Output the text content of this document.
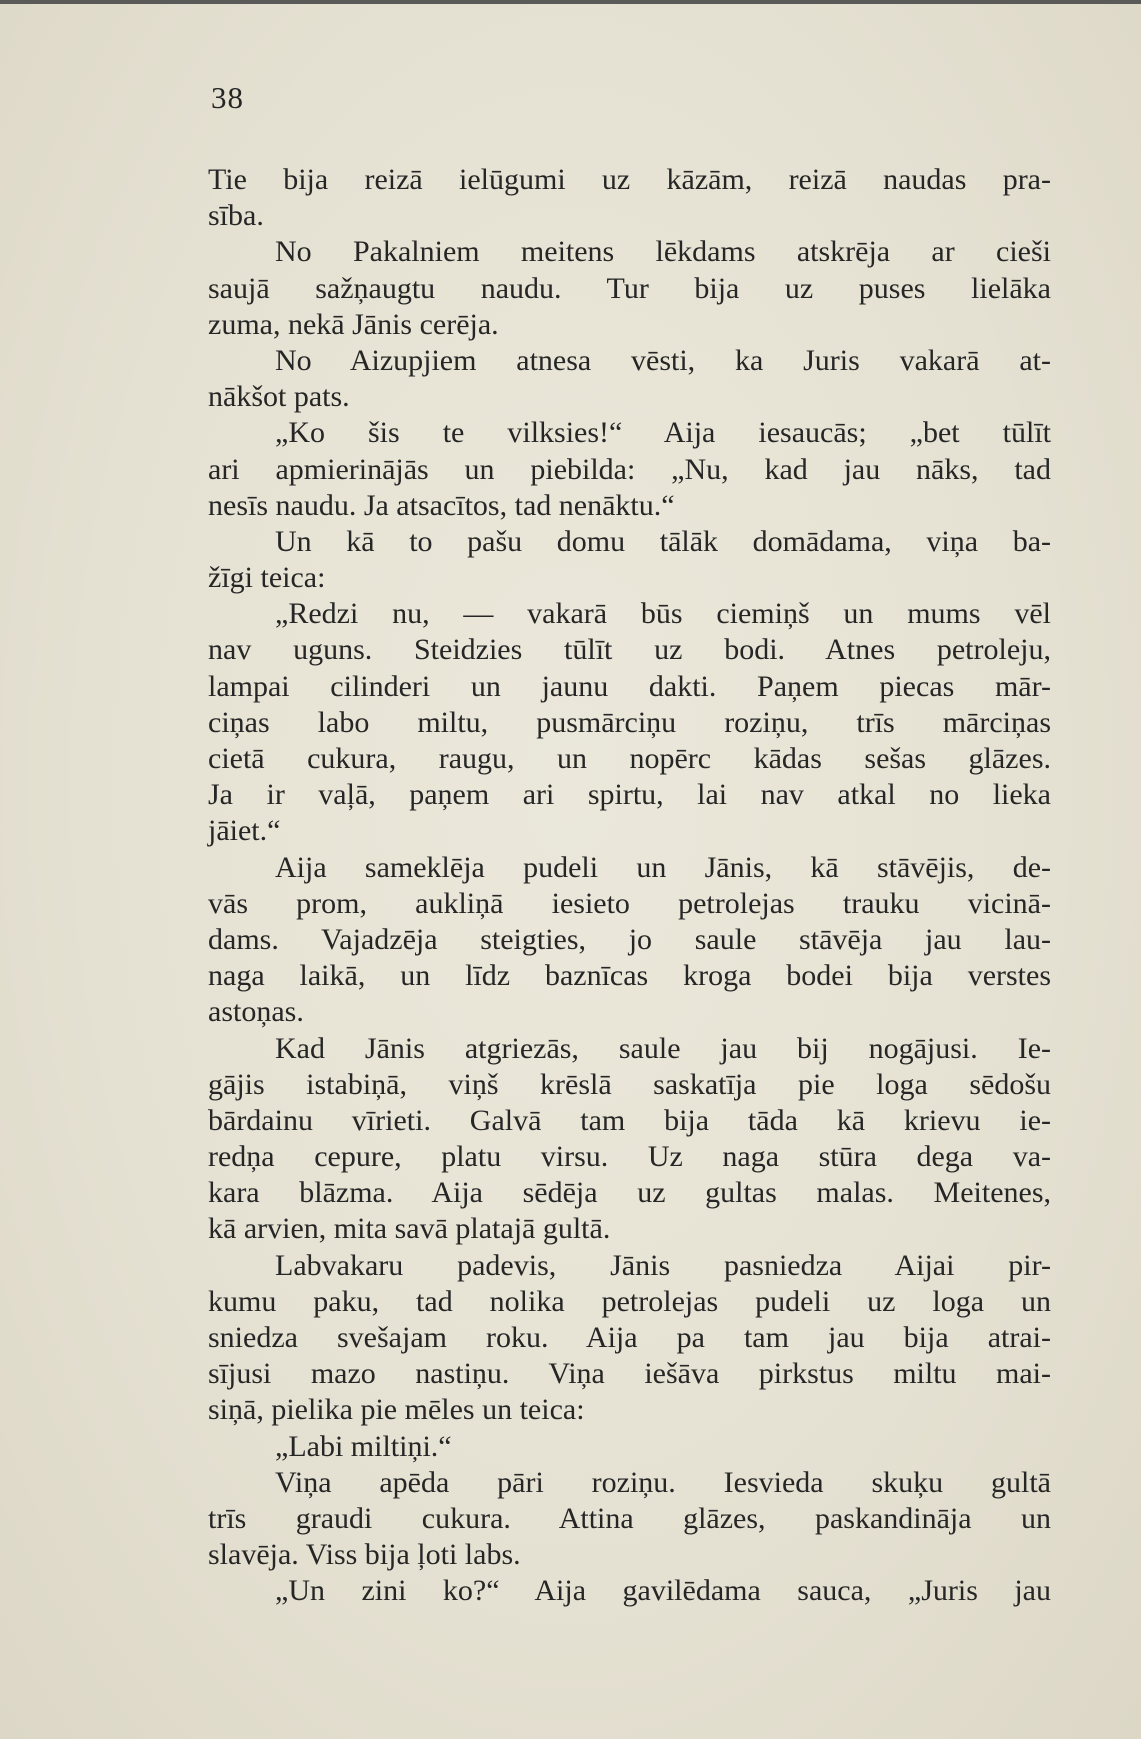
38
Tie bija reizā ielūgumi uz kāzām, reizā naudas pra-
sība.
No Pakalniem meitens lēkdams atskrēja ar cieši
saujā sažņaugtu naudu. Tur bija uz puses lielāka
zuma, nekā Jānis cerēja.
No Aizupjiem atnesa vēsti, ka Juris vakarā at-
nākšot pats.
„Ko šis te vilksies!“ Aija iesaucās; „bet tūlīt
ari apmierinājās un piebilda: „Nu, kad jau nāks, tad
nesīs naudu. Ja atsacītos, tad nenāktu.“
Un kā to pašu domu tālāk domādama, viņa ba-
žīgi teica:
„Redzi nu, — vakarā būs ciemiņš un mums vēl
nav uguns. Steidzies tūlīt uz bodi. Atnes petroleju,
lampai cilinderi un jaunu dakti. Paņem piecas mār-
ciņas labo miltu, pusmārciņu roziņu, trīs mārciņas
cietā cukura, raugu, un nopērc kādas sešas glāzes.
Ja ir vaļā, paņem ari spirtu, lai nav atkal no lieka
jāiet.“
Aija sameklēja pudeli un Jānis, kā stāvējis, de-
vās prom, aukliņā iesieto petrolejas trauku vicinā-
dams. Vajadzēja steigties, jo saule stāvēja jau lau-
naga laikā, un līdz baznīcas kroga bodei bija verstes
astoņas.
Kad Jānis atgriezās, saule jau bij nogājusi. Ie-
gājis istabiņā, viņš krēslā saskatīja pie loga sēdošu
bārdainu vīrieti. Galvā tam bija tāda kā krievu ie-
redņa cepure, platu virsu. Uz naga stūra dega va-
kara blāzma. Aija sēdēja uz gultas malas. Meitenes,
kā arvien, mita savā platajā gultā.
Labvakaru padevis, Jānis pasniedza Aijai pir-
kumu paku, tad nolika petrolejas pudeli uz loga un
sniedza svešajam roku. Aija pa tam jau bija atrai-
sījusi mazo nastiņu. Viņa iešāva pirkstus miltu mai-
siņā, pielika pie mēles un teica:
„Labi miltiņi.“
Viņa apēda pāri roziņu. Iesvieda skuķu gultā
trīs graudi cukura. Attina glāzes, paskandināja un
slavēja. Viss bija ļoti labs.
„Un zini ko?“ Aija gavilēdama sauca, „Juris jau
